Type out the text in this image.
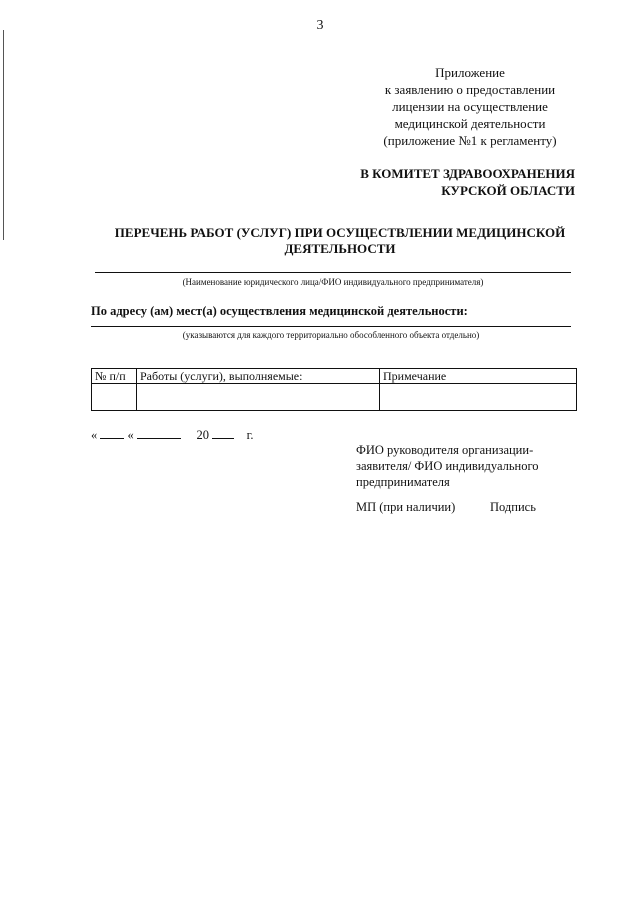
3
Приложение
к заявлению о предоставлении
лицензии на осуществление
медицинской деятельности
(приложение №1 к регламенту)
В КОМИТЕТ ЗДРАВООХРАНЕНИЯ
КУРСКОЙ ОБЛАСТИ
ПЕРЕЧЕНЬ РАБОТ (УСЛУГ) ПРИ ОСУЩЕСТВЛЕНИИ МЕДИЦИНСКОЙ
ДЕЯТЕЛЬНОСТИ
(Наименование юридического лица/ФИО индивидуального предпринимателя)
По адресу (ам) мест(а) осуществления медицинской деятельности:
(указываются для каждого территориально обособленного объекта отдельно)
№ п/п	Работы (услуги), выполняемые:	Примечание

« «	20	г.
ФИО руководителя организации-
заявителя/ ФИО индивидуального
предпринимателя
МП (при наличии)	Подпись
